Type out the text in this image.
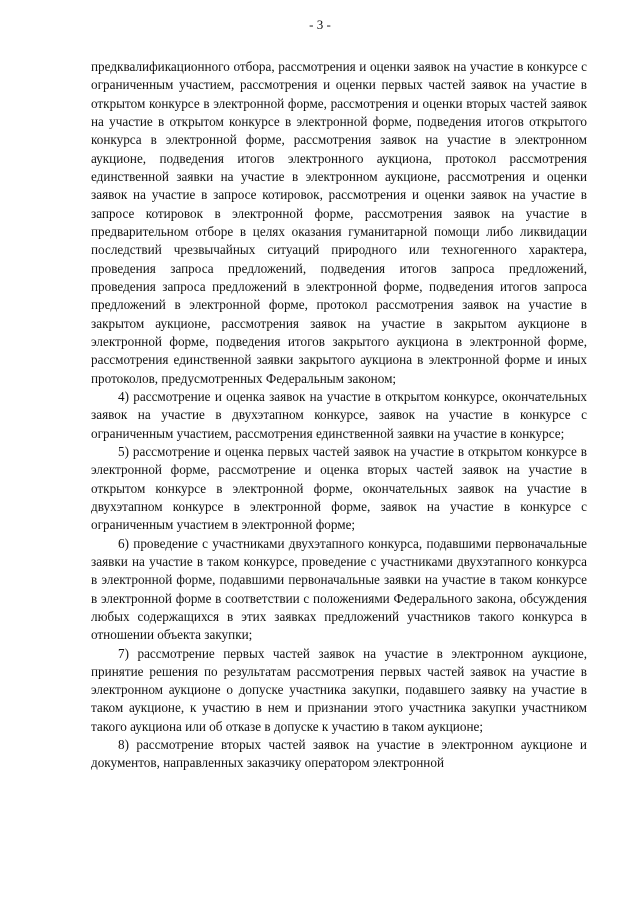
- 3 -

предквалификационного отбора, рассмотрения и оценки заявок на участие в конкурсе с ограниченным участием, рассмотрения и оценки первых частей заявок на участие в открытом конкурсе в электронной форме, рассмотрения и оценки вторых частей заявок на участие в открытом конкурсе в электронной форме, подведения итогов открытого конкурса в электронной форме, рассмотрения заявок на участие в электронном аукционе, подведения итогов электронного аукциона, протокол рассмотрения единственной заявки на участие в электронном аукционе, рассмотрения и оценки заявок на участие в запросе котировок, рассмотрения и оценки заявок на участие в запросе котировок в электронной форме, рассмотрения заявок на участие в предварительном отборе в целях оказания гуманитарной помощи либо ликвидации последствий чрезвычайных ситуаций природного или техногенного характера, проведения запроса предложений, подведения итогов запроса предложений, проведения запроса предложений в электронной форме, подведения итогов запроса предложений в электронной форме, протокол рассмотрения заявок на участие в закрытом аукционе, рассмотрения заявок на участие в закрытом аукционе в электронной форме, подведения итогов закрытого аукциона в электронной форме, рассмотрения единственной заявки закрытого аукциона в электронной форме и иных протоколов, предусмотренных Федеральным законом;

4) рассмотрение и оценка заявок на участие в открытом конкурсе, окончательных заявок на участие в двухэтапном конкурсе, заявок на участие в конкурсе с ограниченным участием, рассмотрения единственной заявки на участие в конкурсе;

5) рассмотрение и оценка первых частей заявок на участие в открытом конкурсе в электронной форме, рассмотрение и оценка вторых частей заявок на участие в открытом конкурсе в электронной форме, окончательных заявок на участие в двухэтапном конкурсе в электронной форме, заявок на участие в конкурсе с ограниченным участием в электронной форме;

6) проведение с участниками двухэтапного конкурса, подавшими первоначальные заявки на участие в таком конкурсе, проведение с участниками двухэтапного конкурса в электронной форме, подавшими первоначальные заявки на участие в таком конкурсе в электронной форме в соответствии с положениями Федерального закона, обсуждения любых содержащихся в этих заявках предложений участников такого конкурса в отношении объекта закупки;

7) рассмотрение первых частей заявок на участие в электронном аукционе, принятие решения по результатам рассмотрения первых частей заявок на участие в электронном аукционе о допуске участника закупки, подавшего заявку на участие в таком аукционе, к участию в нем и признании этого участника закупки участником такого аукциона или об отказе в допуске к участию в таком аукционе;

8) рассмотрение вторых частей заявок на участие в электронном аукционе и документов, направленных заказчику оператором электронной
